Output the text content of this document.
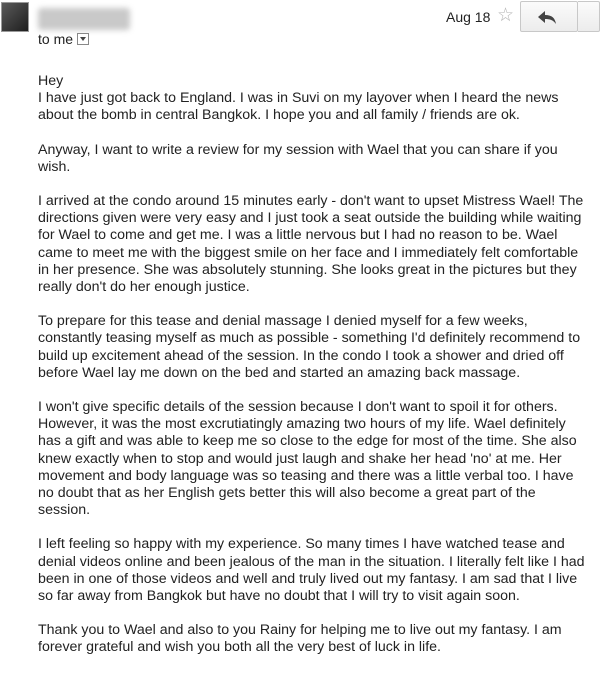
Aug 18 ☆
to me

Hey

I have just got back to England. I was in Suvi on my layover when I heard the news about the bomb in central Bangkok. I hope you and all family / friends are ok.

Anyway, I want to write a review for my session with Wael that you can share if you wish.

I arrived at the condo around 15 minutes early - don't want to upset Mistress Wael! The directions given were very easy and I just took a seat outside the building while waiting for Wael to come and get me. I was a little nervous but I had no reason to be. Wael came to meet me with the biggest smile on her face and I immediately felt comfortable in her presence. She was absolutely stunning. She looks great in the pictures but they really don't do her enough justice.

To prepare for this tease and denial massage I denied myself for a few weeks, constantly teasing myself as much as possible - something I'd definitely recommend to build up excitement ahead of the session. In the condo I took a shower and dried off before Wael lay me down on the bed and started an amazing back massage.

I won't give specific details of the session because I don't want to spoil it for others. However, it was the most excrutiatingly amazing two hours of my life. Wael definitely has a gift and was able to keep me so close to the edge for most of the time. She also knew exactly when to stop and would just laugh and shake her head 'no' at me. Her movement and body language was so teasing and there was a little verbal too. I have no doubt that as her English gets better this will also become a great part of the session.

I left feeling so happy with my experience. So many times I have watched tease and denial videos online and been jealous of the man in the situation. I literally felt like I had been in one of those videos and well and truly lived out my fantasy. I am sad that I live so far away from Bangkok but have no doubt that I will try to visit again soon.

Thank you to Wael and also to you Rainy for helping me to live out my fantasy. I am forever grateful and wish you both all the very best of luck in life.
